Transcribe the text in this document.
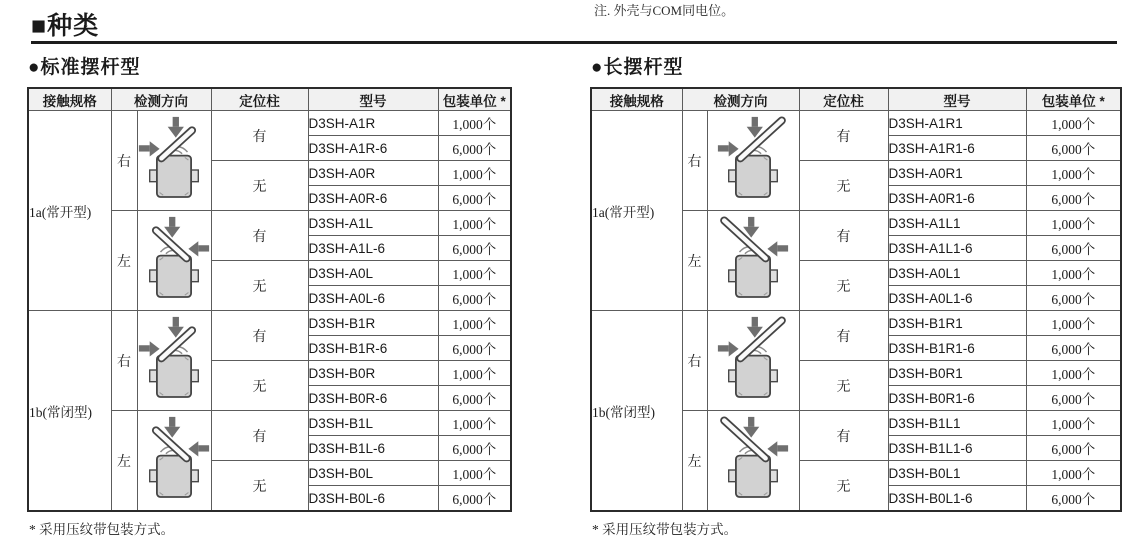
注. 外壳与COM同电位。
■种类
●标准摆杆型
接触规格	检测方向		定位柱	型号	包装单位 *
1a(常开型)	右		有	D3SH-A1R	1,000个
				D3SH-A1R-6	6,000个
			无	D3SH-A0R	1,000个
				D3SH-A0R-6	6,000个
	左		有	D3SH-A1L	1,000个
				D3SH-A1L-6	6,000个
			无	D3SH-A0L	1,000个
				D3SH-A0L-6	6,000个
1b(常闭型)	右		有	D3SH-B1R	1,000个
				D3SH-B1R-6	6,000个
			无	D3SH-B0R	1,000个
				D3SH-B0R-6	6,000个
	左		有	D3SH-B1L	1,000个
				D3SH-B1L-6	6,000个
			无	D3SH-B0L	1,000个
				D3SH-B0L-6	6,000个
* 采用压纹带包装方式。
●长摆杆型
接触规格	检测方向		定位柱	型号	包装单位 *
1a(常开型)	右		有	D3SH-A1R1	1,000个
				D3SH-A1R1-6	6,000个
			无	D3SH-A0R1	1,000个
				D3SH-A0R1-6	6,000个
	左		有	D3SH-A1L1	1,000个
				D3SH-A1L1-6	6,000个
			无	D3SH-A0L1	1,000个
				D3SH-A0L1-6	6,000个
1b(常闭型)	右		有	D3SH-B1R1	1,000个
				D3SH-B1R1-6	6,000个
			无	D3SH-B0R1	1,000个
				D3SH-B0R1-6	6,000个
	左		有	D3SH-B1L1	1,000个
				D3SH-B1L1-6	6,000个
			无	D3SH-B0L1	1,000个
				D3SH-B0L1-6	6,000个
* 采用压纹带包装方式。
